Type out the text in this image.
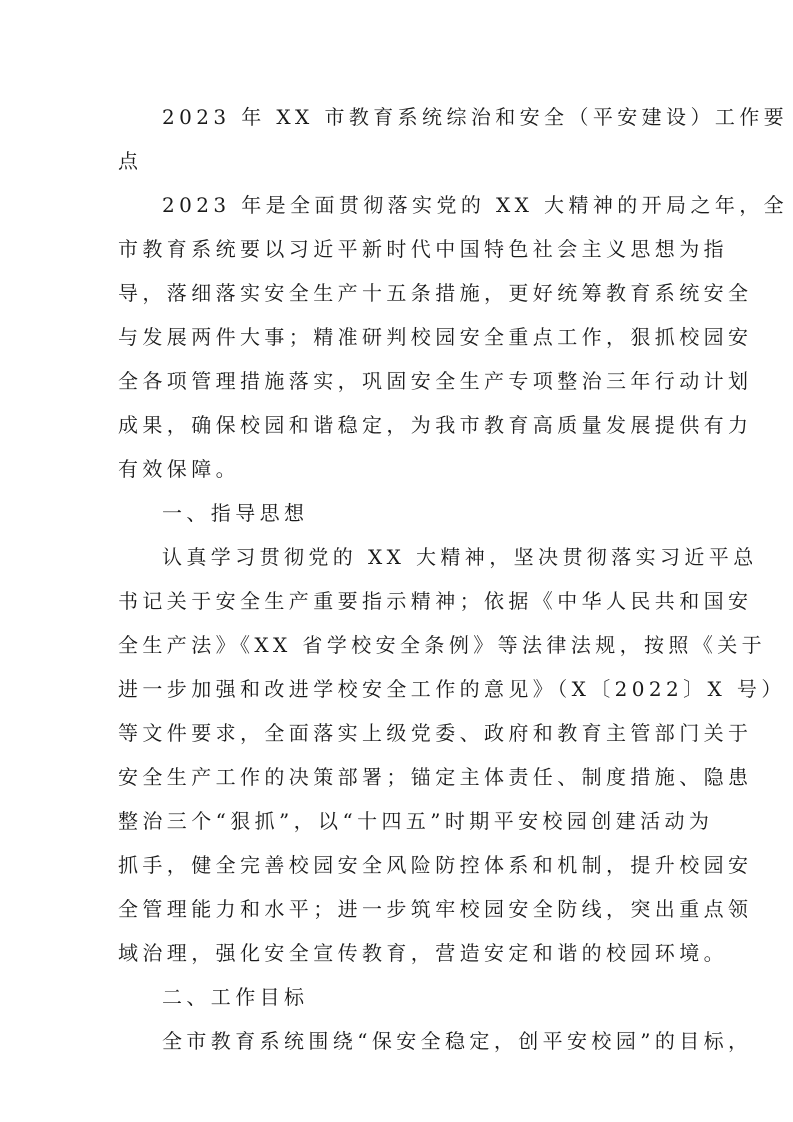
2023 年 XX 市教育系统综治和安全（平安建设）工作要
点
2023 年是全面贯彻落实党的 XX 大精神的开局之年，全
市教育系统要以习近平新时代中国特色社会主义思想为指
导，落细落实安全生产十五条措施，更好统筹教育系统安全
与发展两件大事；精准研判校园安全重点工作，狠抓校园安
全各项管理措施落实，巩固安全生产专项整治三年行动计划
成果，确保校园和谐稳定，为我市教育高质量发展提供有力
有效保障。
一、指导思想
认真学习贯彻党的 XX 大精神，坚决贯彻落实习近平总
书记关于安全生产重要指示精神；依据《中华人民共和国安
全生产法》《XX 省学校安全条例》等法律法规，按照《关于
进一步加强和改进学校安全工作的意见》（X〔2022〕X 号）
等文件要求，全面落实上级党委、政府和教育主管部门关于
安全生产工作的决策部署；锚定主体责任、制度措施、隐患
整治三个“狠抓”，以“十四五”时期平安校园创建活动为
抓手，健全完善校园安全风险防控体系和机制，提升校园安
全管理能力和水平；进一步筑牢校园安全防线，突出重点领
域治理，强化安全宣传教育，营造安定和谐的校园环境。
二、工作目标
全市教育系统围绕“保安全稳定，创平安校园”的目标，
